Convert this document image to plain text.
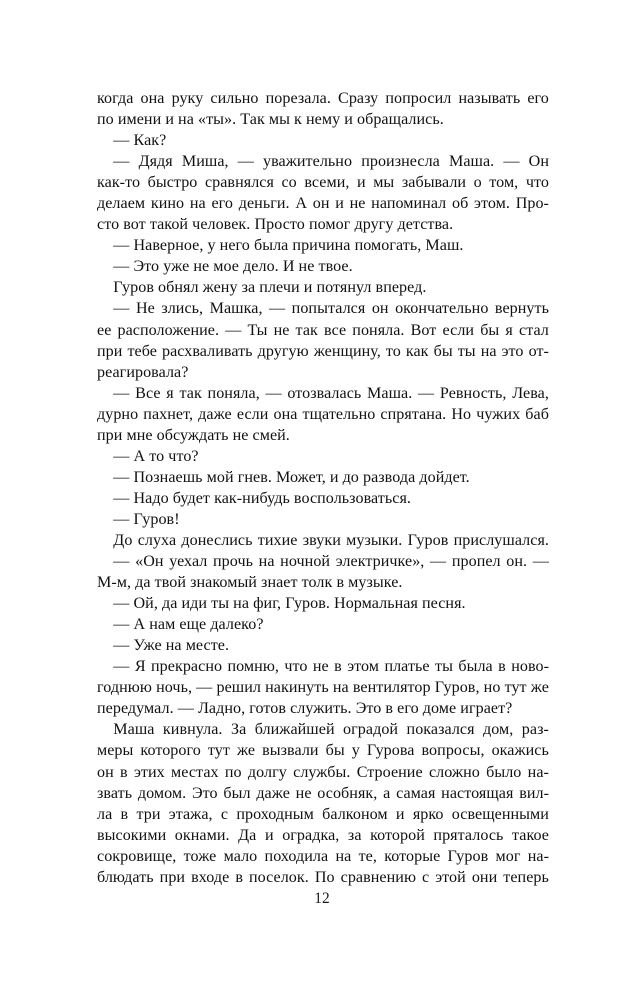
когда она руку сильно порезала. Сразу попросил называть его
по имени и на «ты». Так мы к нему и обращались.
— Как?
— Дядя Миша, — уважительно произнесла Маша. — Он
как-то быстро сравнялся со всеми, и мы забывали о том, что
делаем кино на его деньги. А он и не напоминал об этом. Про-
сто вот такой человек. Просто помог другу детства.
— Наверное, у него была причина помогать, Маш.
— Это уже не мое дело. И не твое.
Гуров обнял жену за плечи и потянул вперед.
— Не злись, Машка, — попытался он окончательно вернуть
ее расположение. — Ты не так все поняла. Вот если бы я стал
при тебе расхваливать другую женщину, то как бы ты на это от-
реагировала?
— Все я так поняла, — отозвалась Маша. — Ревность, Лева,
дурно пахнет, даже если она тщательно спрятана. Но чужих баб
при мне обсуждать не смей.
— А то что?
— Познаешь мой гнев. Может, и до развода дойдет.
— Надо будет как-нибудь воспользоваться.
— Гуров!
До слуха донеслись тихие звуки музыки. Гуров прислушался.
— «Он уехал прочь на ночной электричке», — пропел он. —
М-м, да твой знакомый знает толк в музыке.
— Ой, да иди ты на фиг, Гуров. Нормальная песня.
— А нам еще далеко?
— Уже на месте.
— Я прекрасно помню, что не в этом платье ты была в ново-
годнюю ночь, — решил накинуть на вентилятор Гуров, но тут же
передумал. — Ладно, готов служить. Это в его доме играет?
Маша кивнула. За ближайшей оградой показался дом, раз-
меры которого тут же вызвали бы у Гурова вопросы, окажись
он в этих местах по долгу службы. Строение сложно было на-
звать домом. Это был даже не особняк, а самая настоящая вил-
ла в три этажа, с проходным балконом и ярко освещенными
высокими окнами. Да и оградка, за которой пряталось такое
сокровище, тоже мало походила на те, которые Гуров мог на-
блюдать при входе в поселок. По сравнению с этой они теперь
12
